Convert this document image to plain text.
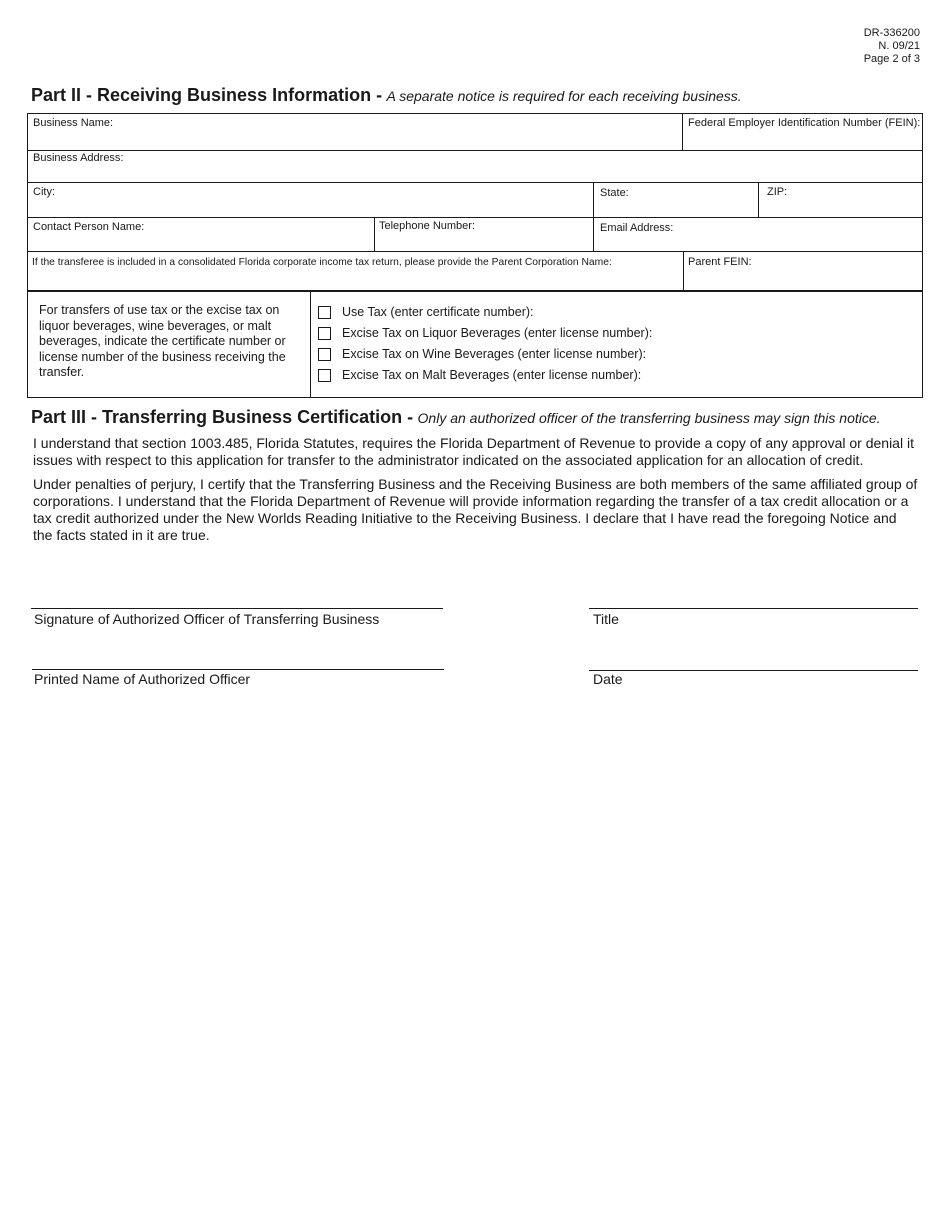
DR-336200
N. 09/21
Page 2 of 3
Part II - Receiving Business Information - A separate notice is required for each receiving business.
Business Name:	Federal Employer Identification Number (FEIN):
Business Address:
City:	State:	ZIP:
Contact Person Name:	Telephone Number:	Email Address:
If the transferee is included in a consolidated Florida corporate income tax return, please provide the Parent Corporation Name:	Parent FEIN:
For transfers of use tax or the excise tax on liquor beverages, wine beverages, or malt beverages, indicate the certificate number or license number of the business receiving the transfer.
Use Tax (enter certificate number):
Excise Tax on Liquor Beverages (enter license number):
Excise Tax on Wine Beverages (enter license number):
Excise Tax on Malt Beverages (enter license number):
Part III - Transferring Business Certification - Only an authorized officer of the transferring business may sign this notice.

I understand that section 1003.485, Florida Statutes, requires the Florida Department of Revenue to provide a copy of any approval or denial it issues with respect to this application for transfer to the administrator indicated on the associated application for an allocation of credit.

Under penalties of perjury, I certify that the Transferring Business and the Receiving Business are both members of the same affiliated group of corporations. I understand that the Florida Department of Revenue will provide information regarding the transfer of a tax credit allocation or a tax credit authorized under the New Worlds Reading Initiative to the Receiving Business. I declare that I have read the foregoing Notice and the facts stated in it are true.

Signature of Authorized Officer of Transferring Business	Title
Printed Name of Authorized Officer	Date
